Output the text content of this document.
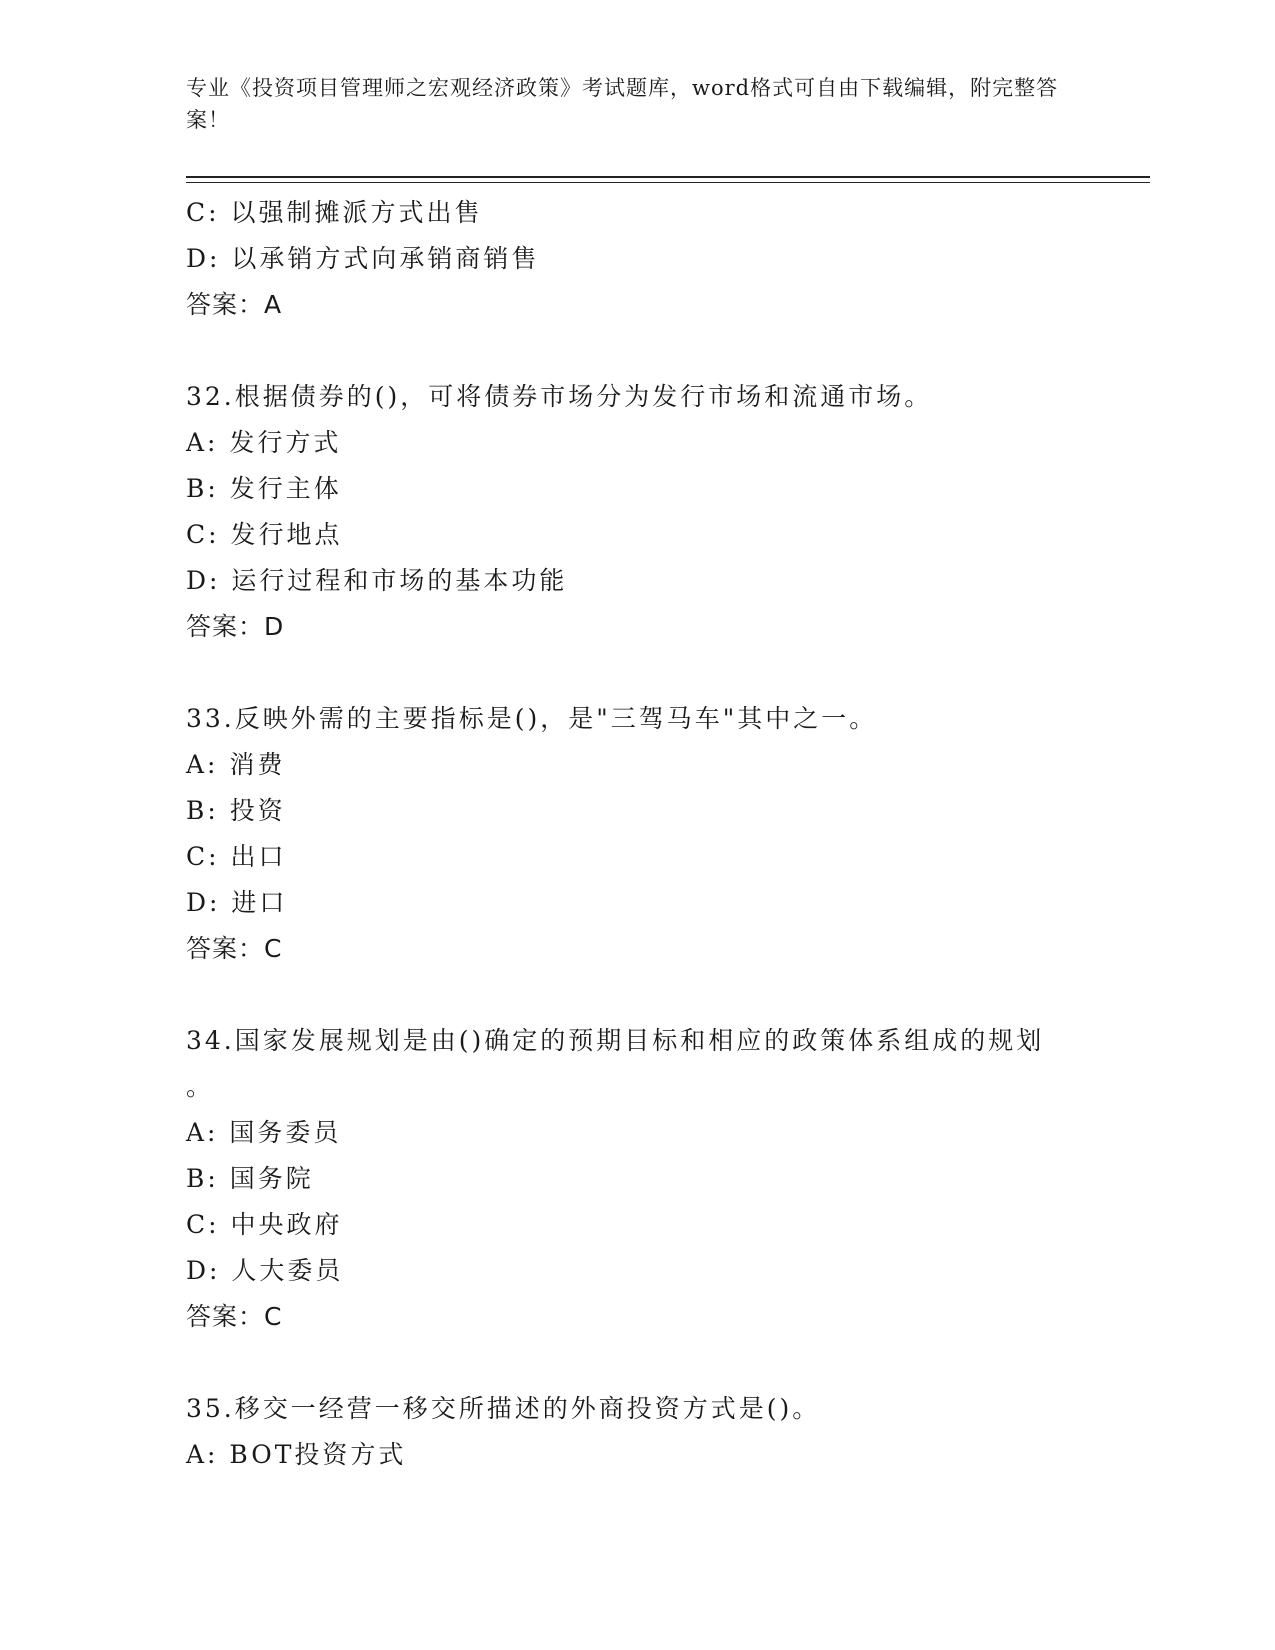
专业《投资项目管理师之宏观经济政策》考试题库，word格式可自由下载编辑，附完整答案！
C: 以强制摊派方式出售
D: 以承销方式向承销商销售
答案：A
32.根据债券的()，可将债券市场分为发行市场和流通市场。
A: 发行方式
B: 发行主体
C: 发行地点
D: 运行过程和市场的基本功能
答案：D
33.反映外需的主要指标是()，是"三驾马车"其中之一。
A: 消费
B: 投资
C: 出口
D: 进口
答案：C
34.国家发展规划是由()确定的预期目标和相应的政策体系组成的规划
。
A: 国务委员
B: 国务院
C: 中央政府
D: 人大委员
答案：C
35.移交一经营一移交所描述的外商投资方式是()。
A: BOT投资方式
